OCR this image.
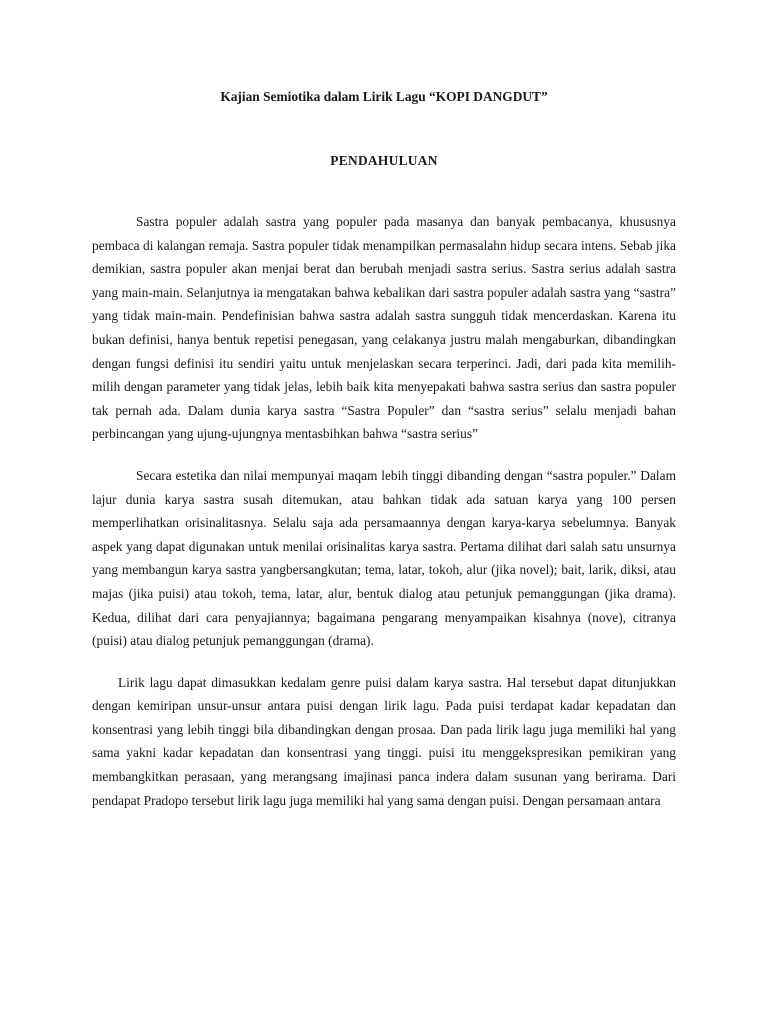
Kajian Semiotika dalam Lirik Lagu “KOPI DANGDUT”
PENDAHULUAN

Sastra populer adalah sastra yang populer pada masanya dan banyak pembacanya, khususnya pembaca di kalangan remaja. Sastra populer tidak menampilkan permasalahn hidup secara intens. Sebab jika demikian, sastra populer akan menjai berat dan berubah menjadi sastra serius. Sastra serius adalah sastra yang main-main. Selanjutnya ia mengatakan bahwa kebalikan dari sastra populer adalah sastra yang “sastra” yang tidak main-main. Pendefinisian bahwa sastra adalah sastra sungguh tidak mencerdaskan. Karena itu bukan definisi, hanya bentuk repetisi penegasan, yang celakanya justru malah mengaburkan, dibandingkan dengan fungsi definisi itu sendiri yaitu untuk menjelaskan secara terperinci. Jadi, dari pada kita memilih-milih dengan parameter yang tidak jelas, lebih baik kita menyepakati bahwa sastra serius dan sastra populer tak pernah ada. Dalam dunia karya sastra “Sastra Populer” dan “sastra serius” selalu menjadi bahan perbincangan yang ujung-ujungnya mentasbihkan bahwa “sastra serius”

Secara estetika dan nilai mempunyai maqam lebih tinggi dibanding dengan “sastra populer.” Dalam lajur dunia karya sastra susah ditemukan, atau bahkan tidak ada satuan karya yang 100 persen memperlihatkan orisinalitasnya. Selalu saja ada persamaannya dengan karya-karya sebelumnya. Banyak aspek yang dapat digunakan untuk menilai orisinalitas karya sastra. Pertama dilihat dari salah satu unsurnya yang membangun karya sastra yangbersangkutan; tema, latar, tokoh, alur (jika novel); bait, larik, diksi, atau majas (jika puisi) atau tokoh, tema, latar, alur, bentuk dialog atau petunjuk pemanggungan (jika drama). Kedua, dilihat dari cara penyajiannya; bagaimana pengarang menyampaikan kisahnya (nove), citranya (puisi) atau dialog petunjuk pemanggungan (drama).

Lirik lagu dapat dimasukkan kedalam genre puisi dalam karya sastra. Hal tersebut dapat ditunjukkan dengan kemiripan unsur-unsur antara puisi dengan lirik lagu. Pada puisi terdapat kadar kepadatan dan konsentrasi yang lebih tinggi bila dibandingkan dengan prosaa. Dan pada lirik lagu juga memiliki hal yang sama yakni kadar kepadatan dan konsentrasi yang tinggi. puisi itu menggekspresikan pemikiran yang membangkitkan perasaan, yang merangsang imajinasi panca indera dalam susunan yang berirama. Dari pendapat Pradopo tersebut lirik lagu juga memiliki hal yang sama dengan puisi. Dengan persamaan antara
